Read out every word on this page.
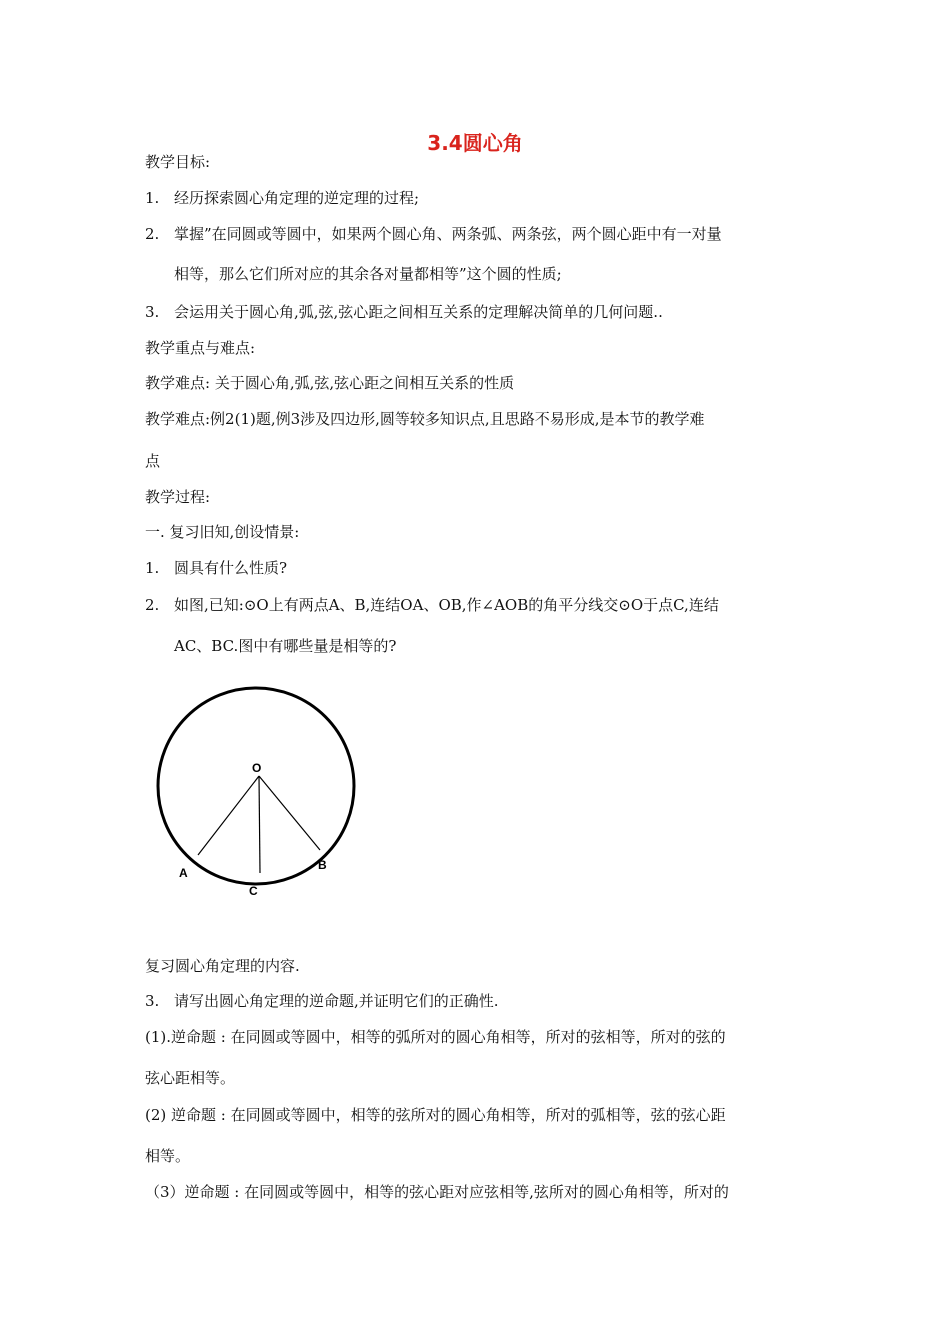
3.4圆心角
教学目标:
1. 经历探索圆心角定理的逆定理的过程;
2. 掌握”在同圆或等圆中，如果两个圆心角、两条弧、两条弦，两个圆心距中有一对量
相等，那么它们所对应的其余各对量都相等”这个圆的性质;
3. 会运用关于圆心角,弧,弦,弦心距之间相互关系的定理解决简单的几何问题..
教学重点与难点:
教学难点: 关于圆心角,弧,弦,弦心距之间相互关系的性质
教学难点:例2(1)题,例3涉及四边形,圆等较多知识点,且思路不易形成,是本节的教学难
点
教学过程:
一. 复习旧知,创设情景:
1. 圆具有什么性质?
2. 如图,已知:⊙O上有两点A、B,连结OA、OB,作∠AOB的角平分线交⊙O于点C,连结
AC、BC.图中有哪些量是相等的?
O
A
B
C
复习圆心角定理的内容.
3. 请写出圆心角定理的逆命题,并证明它们的正确性.
(1).逆命题 : 在同圆或等圆中，相等的弧所对的圆心角相等，所对的弦相等，所对的弦的
弦心距相等。
(2) 逆命题 : 在同圆或等圆中，相等的弦所对的圆心角相等，所对的弧相等，弦的弦心距
相等。
（3）逆命题 : 在同圆或等圆中，相等的弦心距对应弦相等,弦所对的圆心角相等，所对的
